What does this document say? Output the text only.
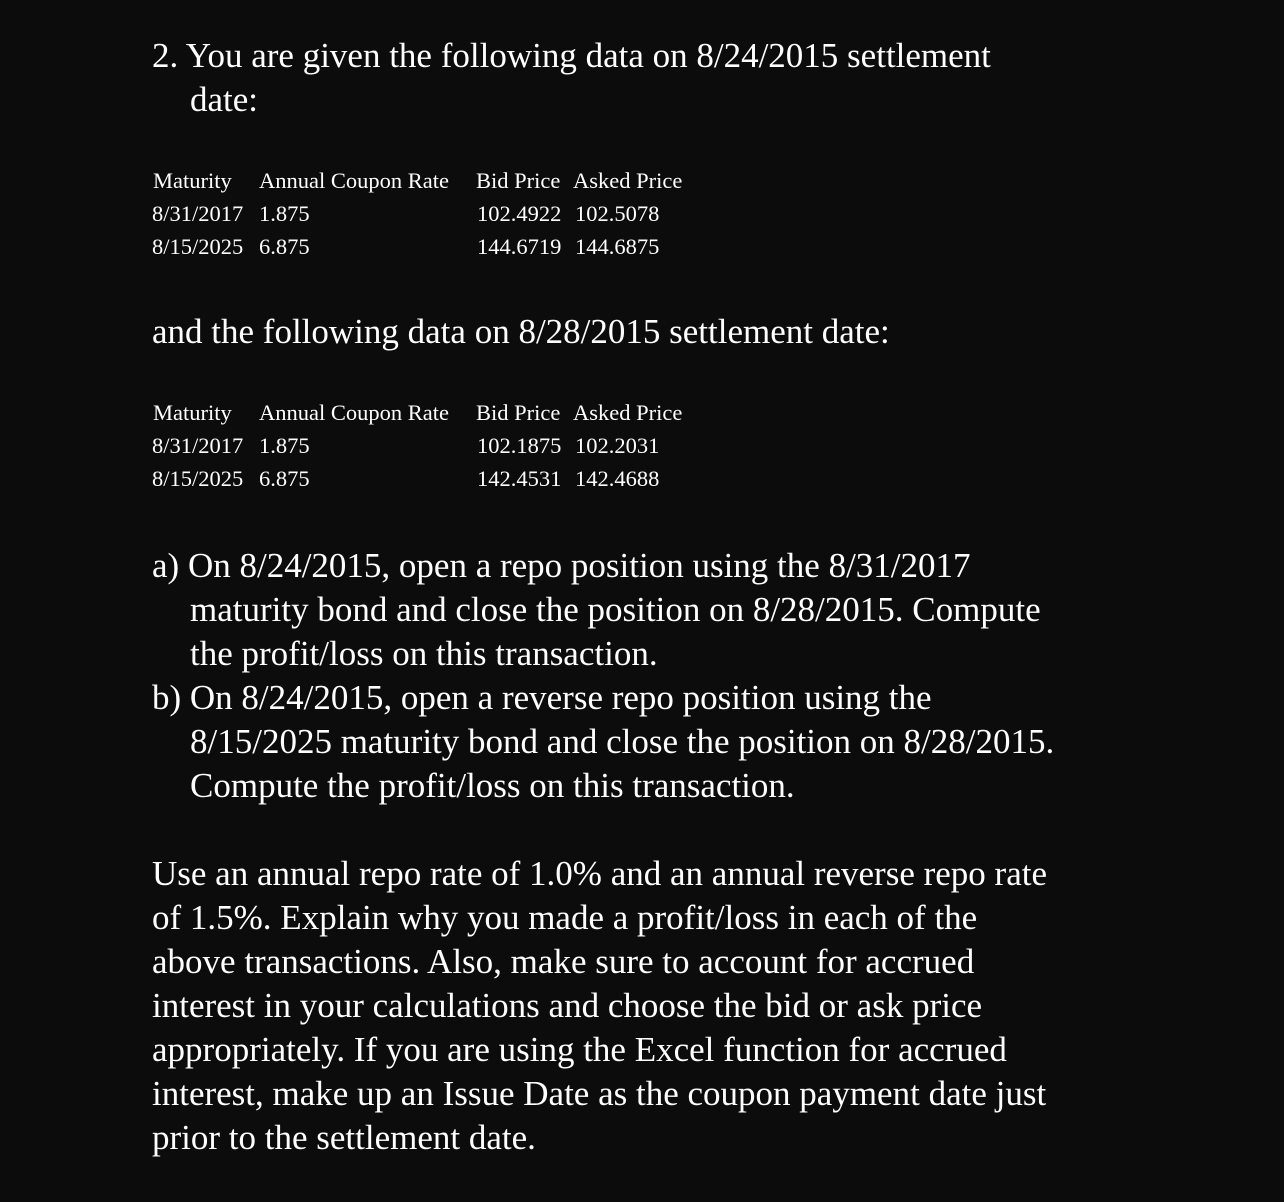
2. You are given the following data on 8/24/2015 settlement
date:
Maturity Annual Coupon Rate Bid Price Asked Price
8/31/2017 1.875	102.4922 102.5078
8/15/2025 6.875	144.6719 144.6875
and the following data on 8/28/2015 settlement date:
Maturity Annual Coupon Rate Bid Price Asked Price
8/31/2017 1.875	102.1875 102.2031
8/15/2025 6.875	142.4531 142.4688
a) On 8/24/2015, open a repo position using the 8/31/2017
maturity bond and close the position on 8/28/2015. Compute
the profit/loss on this transaction.
b) On 8/24/2015, open a reverse repo position using the
8/15/2025 maturity bond and close the position on 8/28/2015.
Compute the profit/loss on this transaction.
Use an annual repo rate of 1.0% and an annual reverse repo rate
of 1.5%. Explain why you made a profit/loss in each of the
above transactions. Also, make sure to account for accrued
interest in your calculations and choose the bid or ask price
appropriately. If you are using the Excel function for accrued
interest, make up an Issue Date as the coupon payment date just
prior to the settlement date.
